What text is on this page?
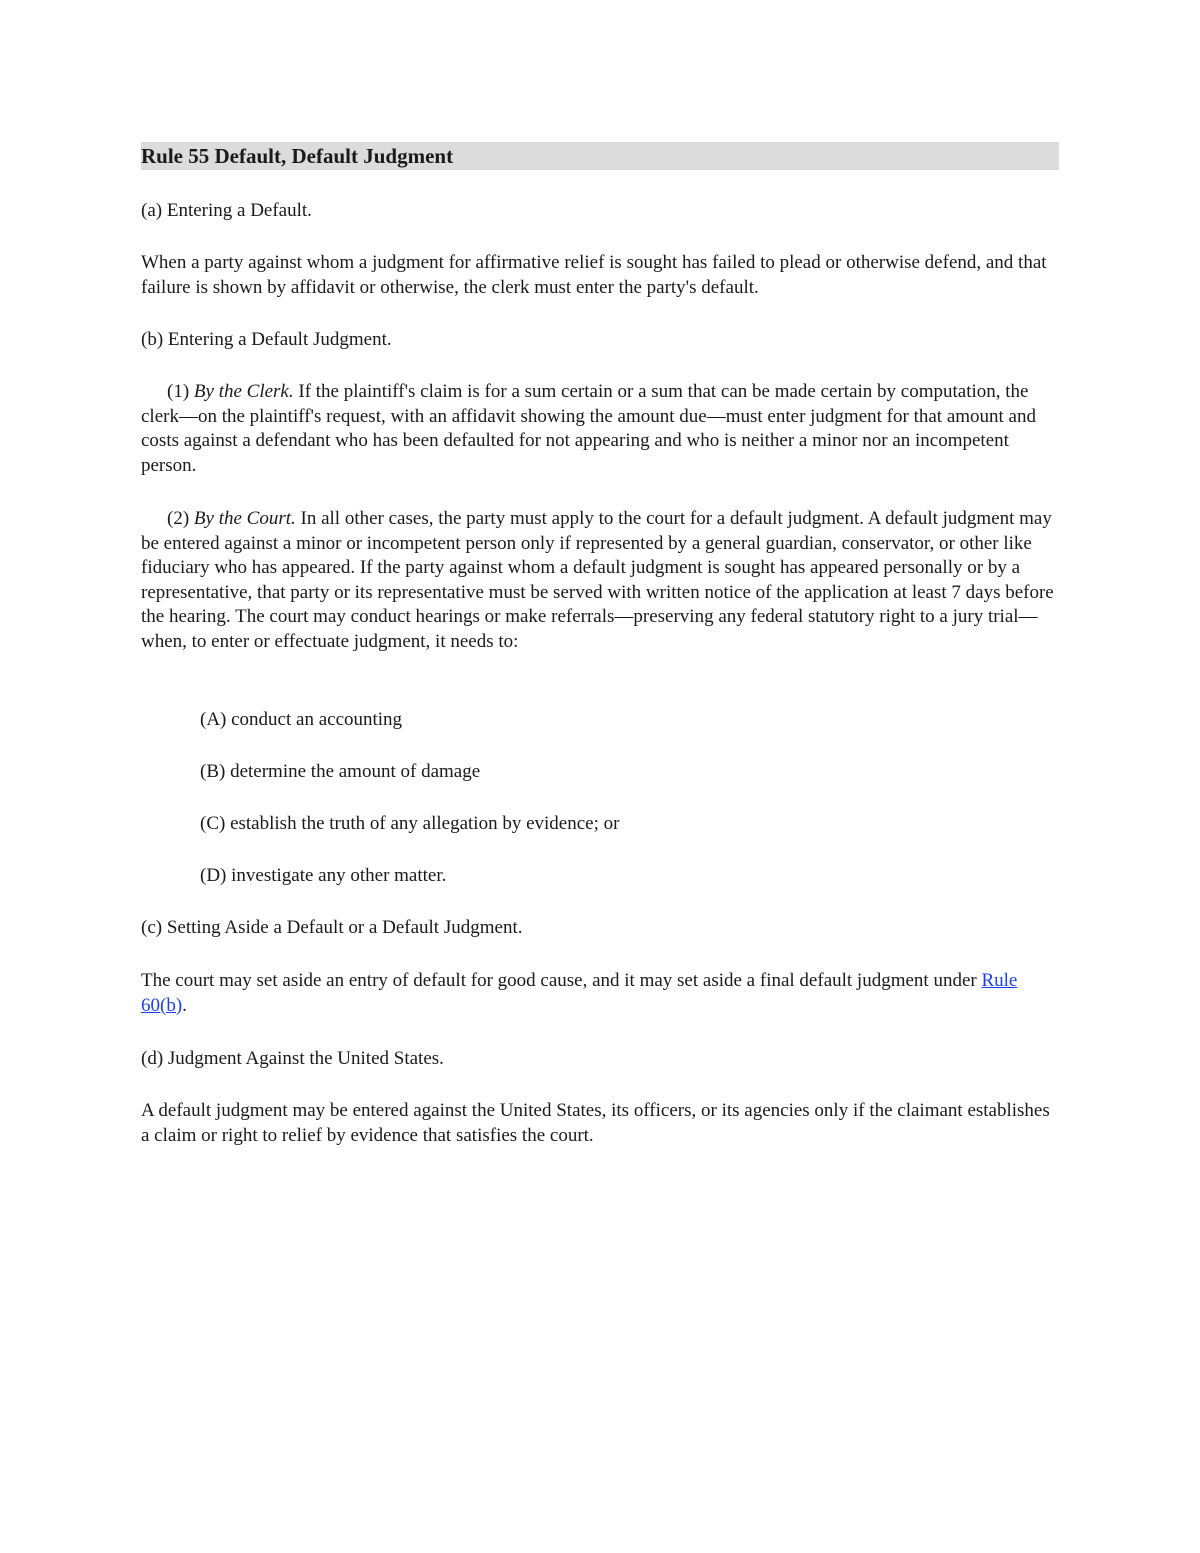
Rule 55 Default, Default Judgment

(a) Entering a Default.

When a party against whom a judgment for affirmative relief is sought has failed to plead or otherwise defend, and that failure is shown by affidavit or otherwise, the clerk must enter the party's default.

(b) Entering a Default Judgment.

(1) By the Clerk. If the plaintiff's claim is for a sum certain or a sum that can be made certain by computation, the clerk—on the plaintiff's request, with an affidavit showing the amount due—must enter judgment for that amount and costs against a defendant who has been defaulted for not appearing and who is neither a minor nor an incompetent person.

(2) By the Court. In all other cases, the party must apply to the court for a default judgment. A default judgment may be entered against a minor or incompetent person only if represented by a general guardian, conservator, or other like fiduciary who has appeared. If the party against whom a default judgment is sought has appeared personally or by a representative, that party or its representative must be served with written notice of the application at least 7 days before the hearing. The court may conduct hearings or make referrals—preserving any federal statutory right to a jury trial—when, to enter or effectuate judgment, it needs to:

(A) conduct an accounting

(B) determine the amount of damage

(C) establish the truth of any allegation by evidence; or

(D) investigate any other matter.

(c) Setting Aside a Default or a Default Judgment.

The court may set aside an entry of default for good cause, and it may set aside a final default judgment under Rule 60(b).

(d) Judgment Against the United States.

A default judgment may be entered against the United States, its officers, or its agencies only if the claimant establishes a claim or right to relief by evidence that satisfies the court.
